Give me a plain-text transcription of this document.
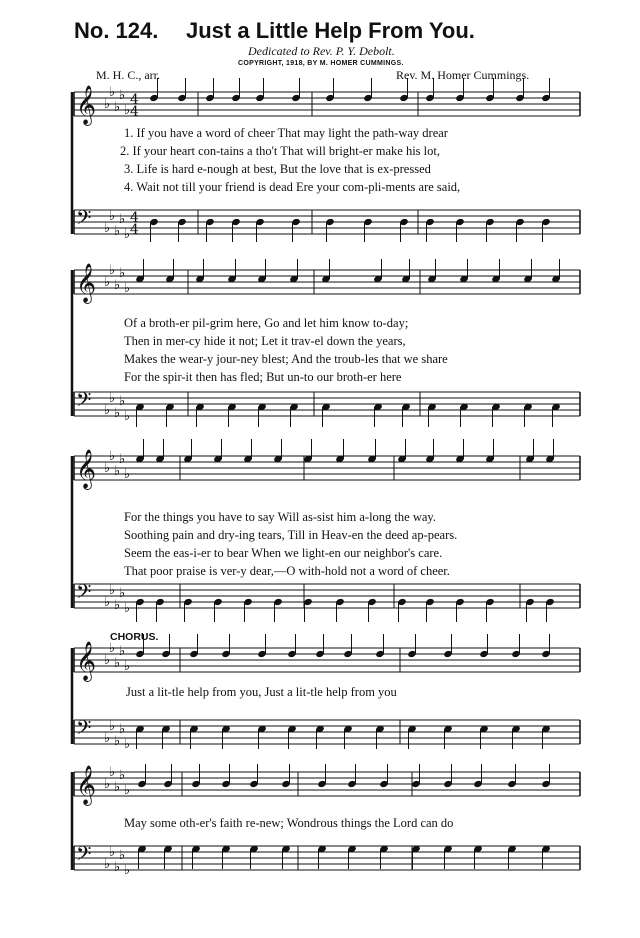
No. 124. Just a Little Help From You.
Dedicated to Rev. P. Y. Debolt.
COPYRIGHT, 1918, BY M. HOMER CUMMINGS.
M. H. C., arr.	Rev. M. Homer Cummings.
𝄞 ♭
♭
♭
♭
♭
𝄢 ♭
♭
♭
♭
♭
4
4
4
4
𝄞 ♭
♭
♭
♭
♭
𝄢 ♭
♭
♭
♭
♭
𝄞 ♭
♭
♭
♭
♭
𝄢 ♭
♭
♭
♭
♭
𝄞 ♭
♭
♭
♭
♭
𝄢 ♭
♭
♭
♭
♭
𝄞 ♭
♭
♭
♭
♭
𝄢 ♭
♭
♭
♭
♭
1. If you have a word of cheer That may light the path-way drear
2. If your heart con-tains a tho't That will bright-er make his lot,
3. Life is hard e-nough at best, But the love that is ex-pressed
4. Wait not till your friend is dead Ere your com-pli-ments are said,
Of a broth-er pil-grim here, Go and let him know to-day;
Then in mer-cy hide it not; Let it trav-el down the years,
Makes the wear-y jour-ney blest; And the troub-les that we share
For the spir-it then has fled; But un-to our broth-er here
For the things you have to say Will as-sist him a-long the way.
Soothing pain and dry-ing tears, Till in Heav-en the deed ap-pears.
Seem the eas-i-er to bear When we light-en our neighbor's care.
That poor praise is ver-y dear,—O with-hold not a word of cheer.
CHORUS.
Just a lit-tle help from you, Just a lit-tle help from you
May some oth-er's faith re-new; Wondrous things the Lord can do
